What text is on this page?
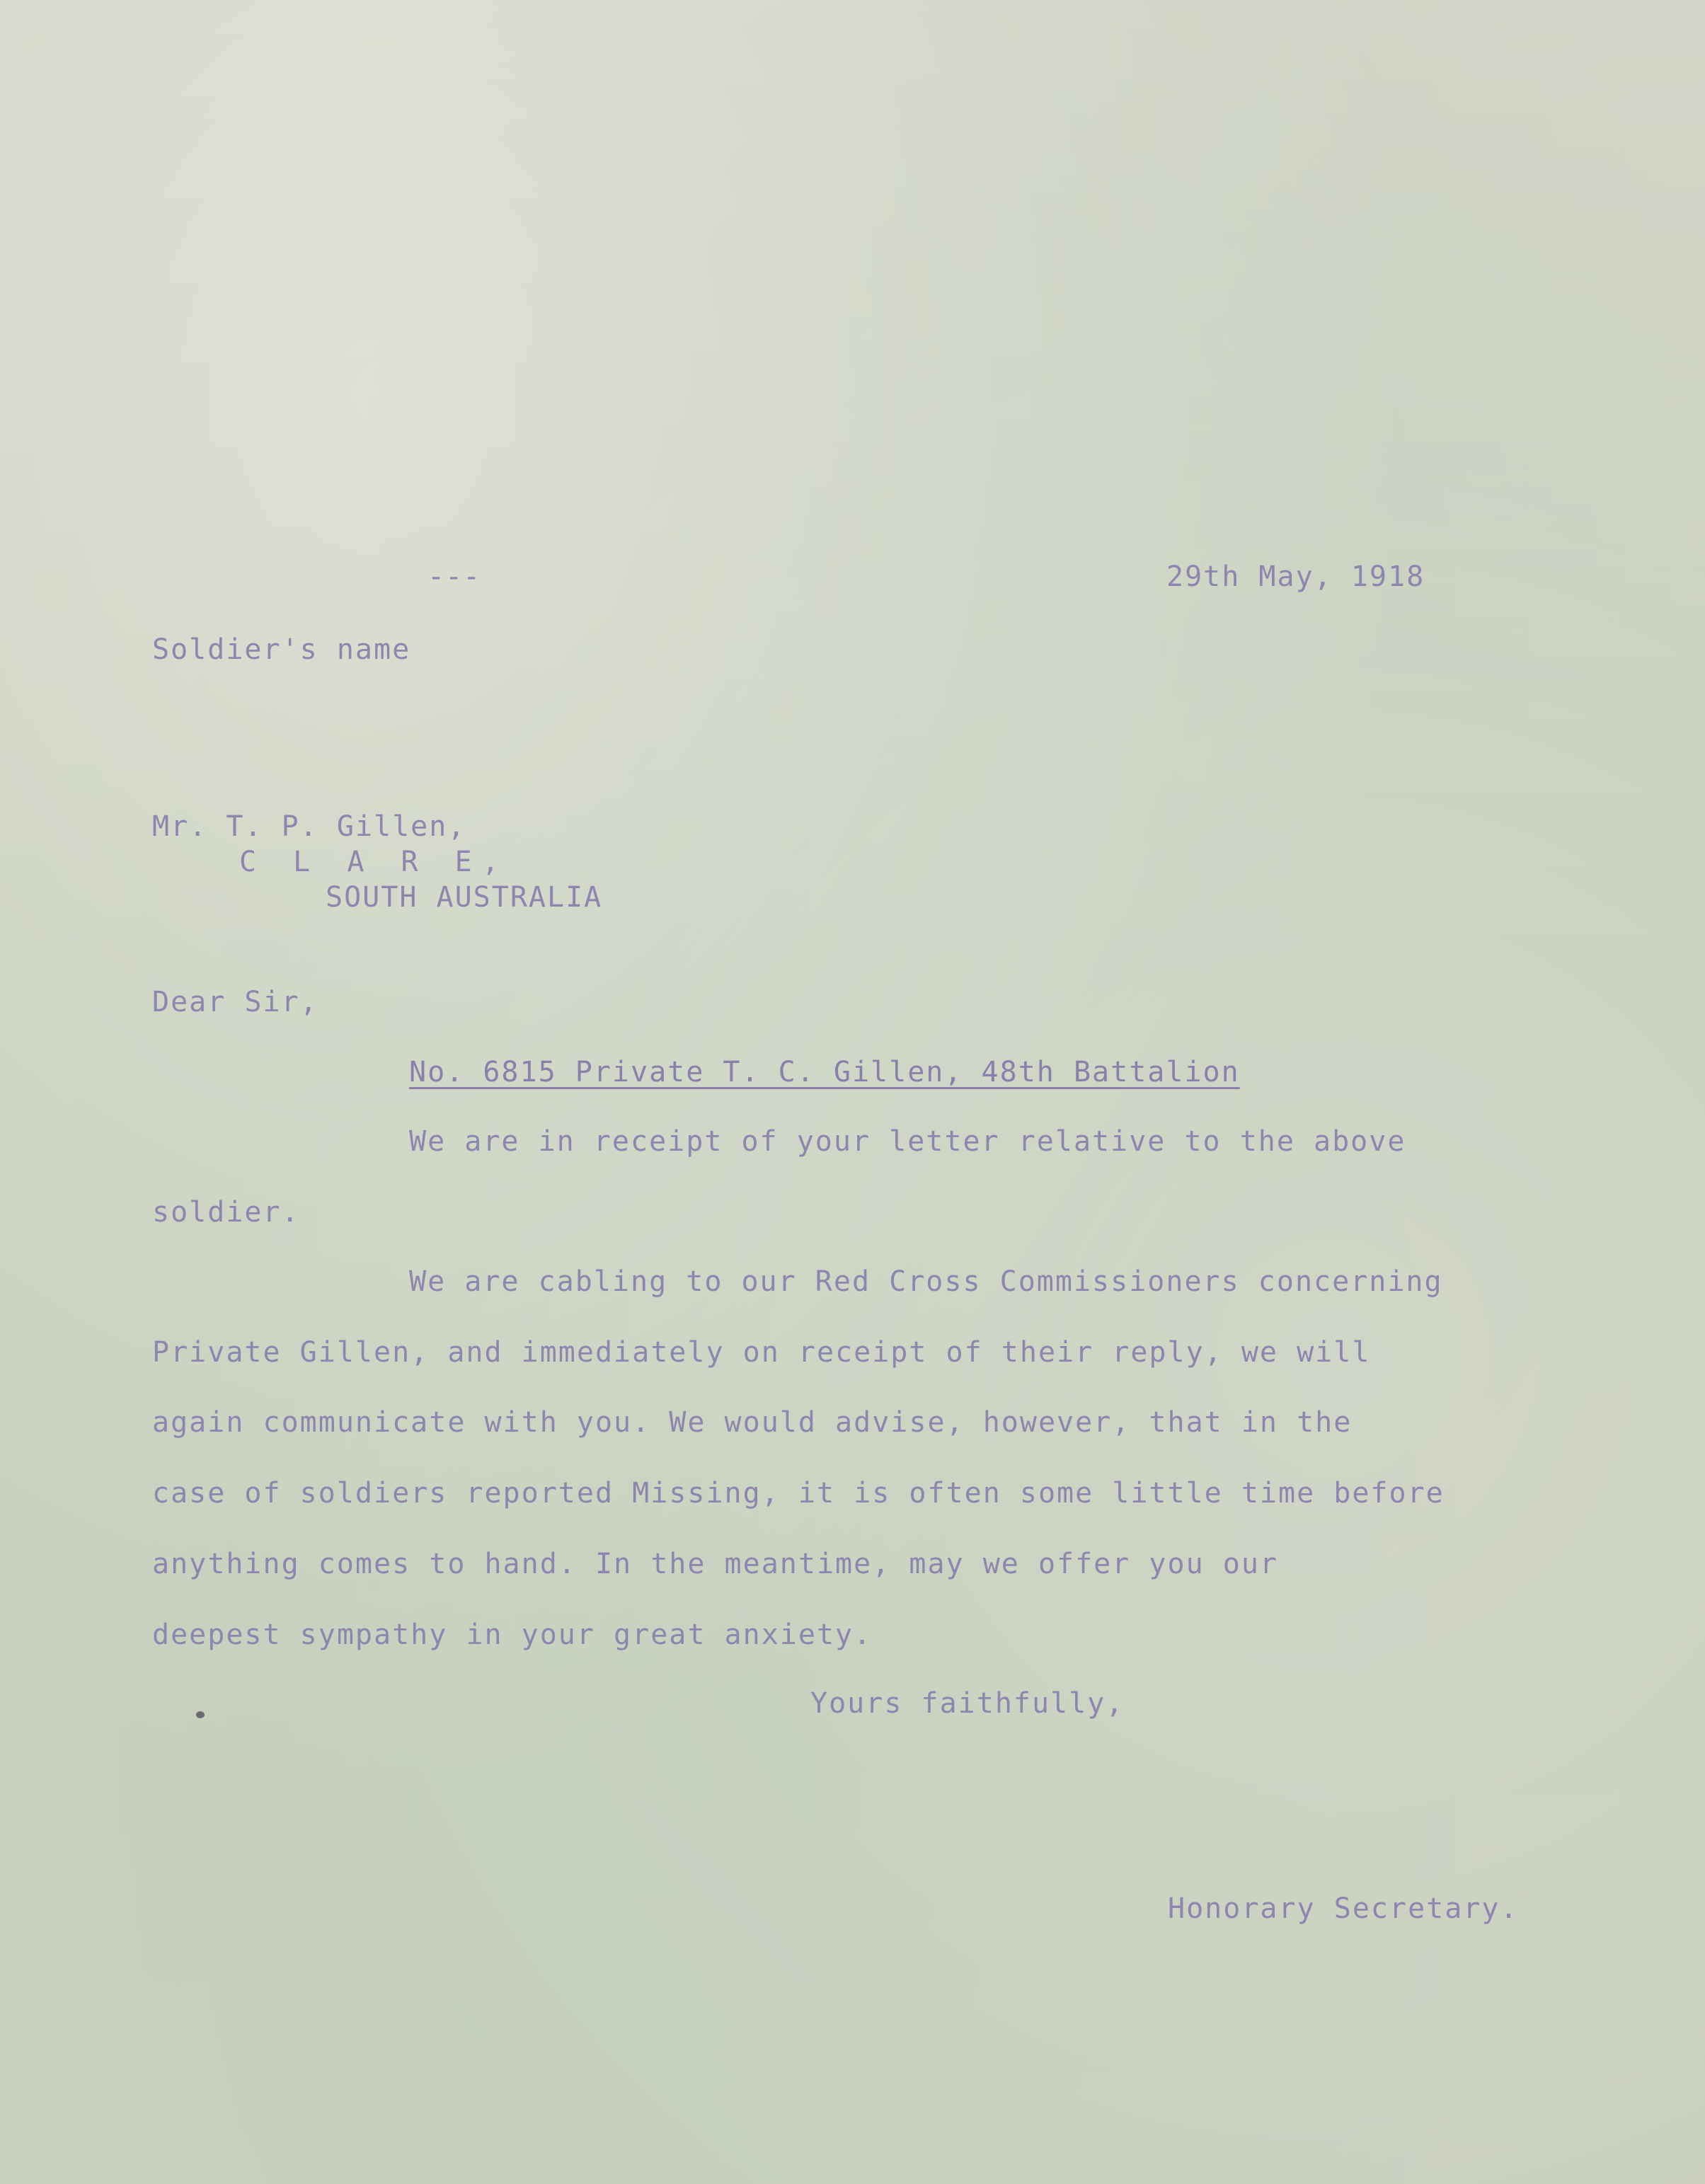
---	29th May, 1918
Soldier's name
Mr. T. P. Gillen,
C L A R E,
SOUTH AUSTRALIA
Dear Sir,
No. 6815 Private T. C. Gillen, 48th Battalion
We are in receipt of your letter relative to the above
soldier.
We are cabling to our Red Cross Commissioners concerning
Private Gillen, and immediately on receipt of their reply, we will
again communicate with you. We would advise, however, that in the
case of soldiers reported Missing, it is often some little time before
anything comes to hand. In the meantime, may we offer you our
deepest sympathy in your great anxiety.
Yours faithfully,
Honorary Secretary.
